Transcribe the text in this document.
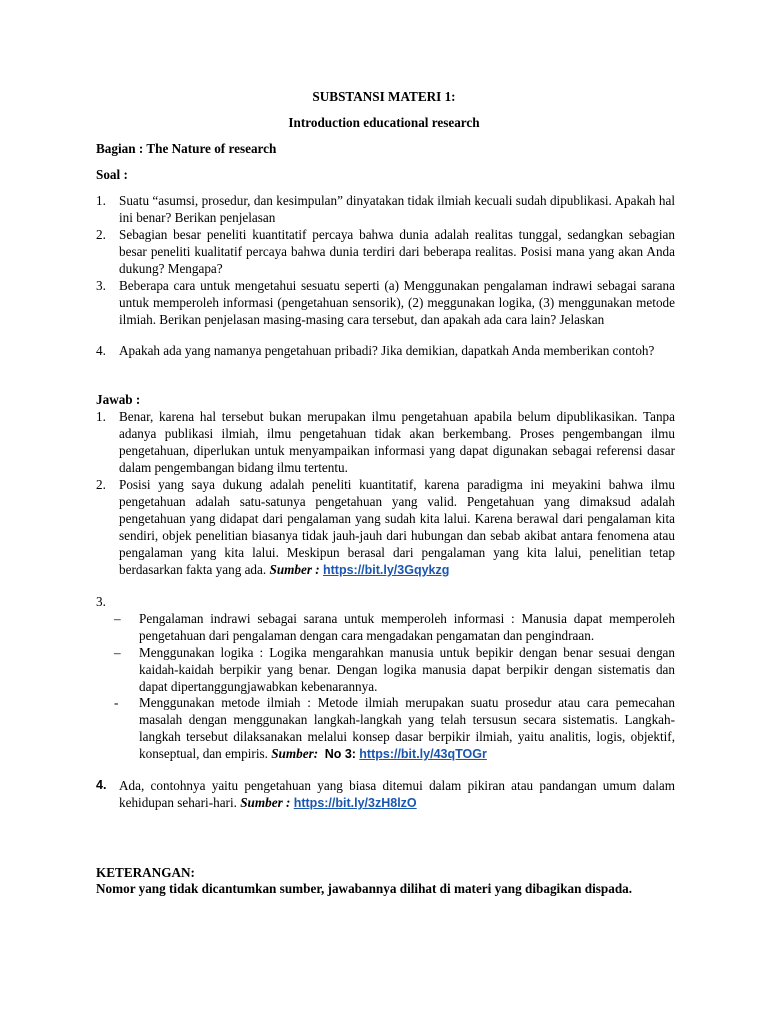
SUBSTANSI MATERI 1:
Introduction educational research
Bagian : The Nature of research
Soal :
1. Suatu “asumsi, prosedur, dan kesimpulan” dinyatakan tidak ilmiah kecuali sudah dipublikasi. Apakah hal ini benar? Berikan penjelasan
2. Sebagian besar peneliti kuantitatif percaya bahwa dunia adalah realitas tunggal, sedangkan sebagian besar peneliti kualitatif percaya bahwa dunia terdiri dari beberapa realitas. Posisi mana yang akan Anda dukung? Mengapa?
3. Beberapa cara untuk mengetahui sesuatu seperti (a) Menggunakan pengalaman indrawi sebagai sarana untuk memperoleh informasi (pengetahuan sensorik), (2) meggunakan logika, (3) menggunakan metode ilmiah. Berikan penjelasan masing-masing cara tersebut, dan apakah ada cara lain? Jelaskan
4. Apakah ada yang namanya pengetahuan pribadi? Jika demikian, dapatkah Anda memberikan contoh?
Jawab :
1. Benar, karena hal tersebut bukan merupakan ilmu pengetahuan apabila belum dipublikasikan. Tanpa adanya publikasi ilmiah, ilmu pengetahuan tidak akan berkembang. Proses pengembangan ilmu pengetahuan, diperlukan untuk menyampaikan informasi yang dapat digunakan sebagai referensi dasar dalam pengembangan bidang ilmu tertentu.
2. Posisi yang saya dukung adalah peneliti kuantitatif, karena paradigma ini meyakini bahwa ilmu pengetahuan adalah satu-satunya pengetahuan yang valid. Pengetahuan yang dimaksud adalah pengetahuan yang didapat dari pengalaman yang sudah kita lalui. Karena berawal dari pengalaman kita sendiri, objek penelitian biasanya tidak jauh-jauh dari hubungan dan sebab akibat antara fenomena atau pengalaman yang kita lalui. Meskipun berasal dari pengalaman yang kita lalui, penelitian tetap berdasarkan fakta yang ada. Sumber : https://bit.ly/3Gqykzg
3.
– Pengalaman indrawi sebagai sarana untuk memperoleh informasi : Manusia dapat memperoleh pengetahuan dari pengalaman dengan cara mengadakan pengamatan dan pengindraan.
– Menggunakan logika : Logika mengarahkan manusia untuk bepikir dengan benar sesuai dengan kaidah-kaidah berpikir yang benar. Dengan logika manusia dapat berpikir dengan sistematis dan dapat dipertanggungjawabkan kebenarannya.
- Menggunakan metode ilmiah : Metode ilmiah merupakan suatu prosedur atau cara pemecahan masalah dengan menggunakan langkah-langkah yang telah tersusun secara sistematis. Langkah-langkah tersebut dilaksanakan melalui konsep dasar berpikir ilmiah, yaitu analitis, logis, objektif, konseptual, dan empiris. Sumber: No 3: https://bit.ly/43qTOGr
4. Ada, contohnya yaitu pengetahuan yang biasa ditemui dalam pikiran atau pandangan umum dalam kehidupan sehari-hari. Sumber : https://bit.ly/3zH8lzO
KETERANGAN:
Nomor yang tidak dicantumkan sumber, jawabannya dilihat di materi yang dibagikan dispada.
